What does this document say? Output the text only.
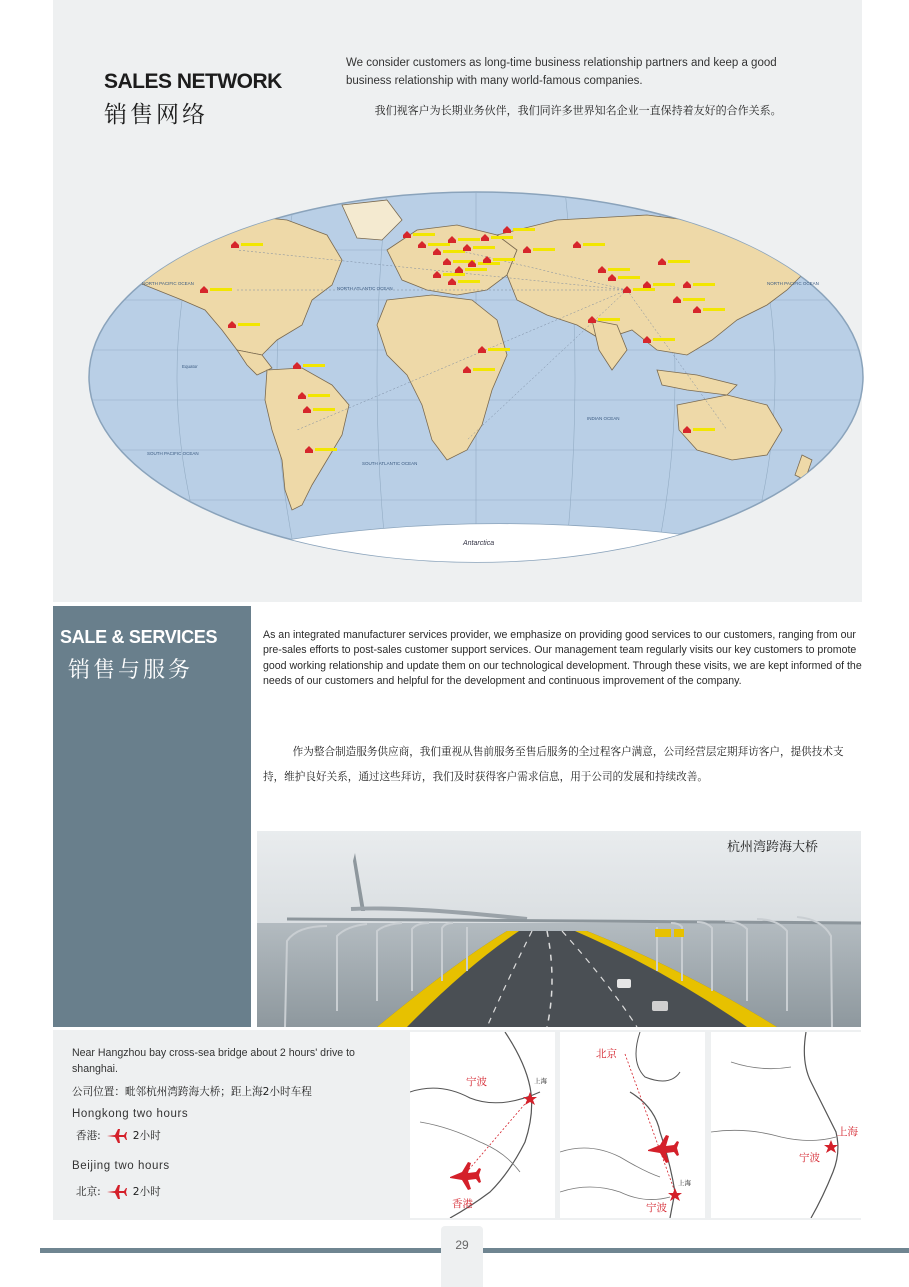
SALES NETWORK
销售网络
We consider customers as long-time business relationship partners and keep a good business relationship with many world-famous companies.
我们视客户为长期业务伙伴，我们同许多世界知名企业一直保持着友好的合作关系。
Antarctica
NORTH PACIFIC OCEAN
NORTH ATLANTIC OCEAN
SOUTH ATLANTIC OCEAN
INDIAN OCEAN
SOUTH PACIFIC OCEAN
NORTH PACIFIC OCEAN
Equator
SALE & SERVICES
销售与服务
As an integrated manufacturer services provider, we emphasize on providing good services to our customers, ranging from our pre-sales efforts to post-sales customer support services. Our management team regularly visits our key customers to promote good working relationship and update them on our technological development. Through these visits, we are kept informed of the needs of our customers and helpful for the development and continuous improvement of the company.
作为整合制造服务供应商，我们重视从售前服务至售后服务的全过程客户满意，公司经营层定期拜访客户，提供技术支持，维护良好关系，通过这些拜访，我们及时获得客户需求信息，用于公司的发展和持续改善。
杭州湾跨海大桥
Near Hangzhou bay cross-sea bridge about 2 hours' drive to shanghai.
公司位置：毗邻杭州湾跨海大桥；距上海2小时车程
Hongkong two hours
香港:	2小时
Beijing two hours
北京:	2小时
宁波
香港
上海
北京
宁波
上海
上海
宁波
29
